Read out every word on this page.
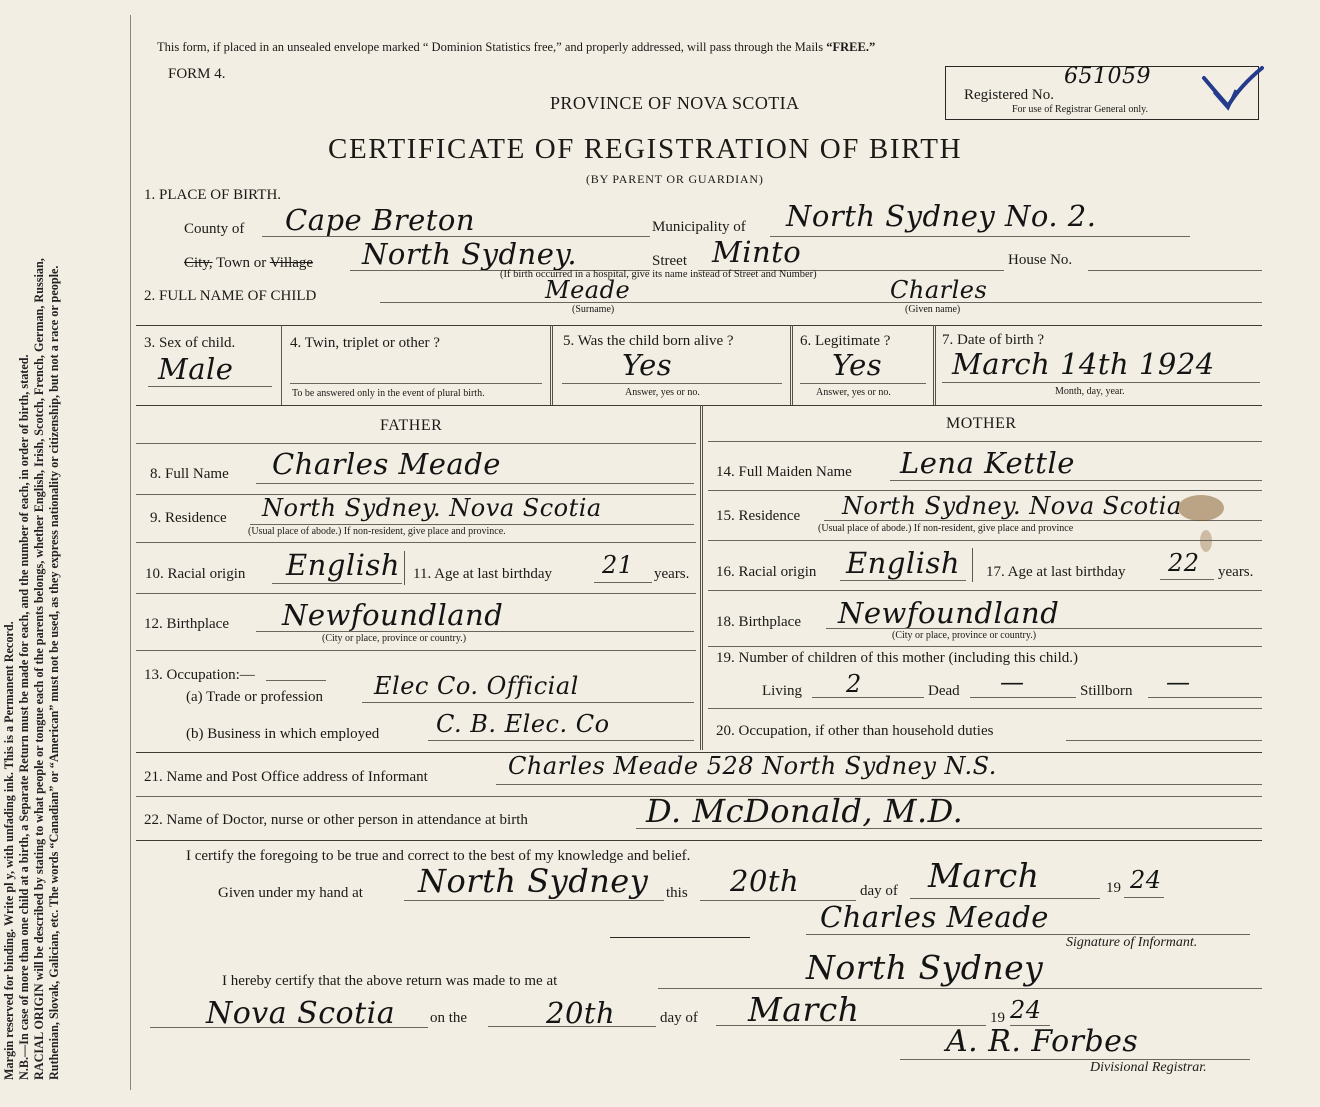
Margin reserved for binding. Write pl y, with unfading ink. This is a Permanent Record. N.B.—In case of more than one child at a birth, a Separate Return must be made for each, and the number of each, in order of birth, stated. RACIAL ORIGIN will be described by stating to what people or tongue each of the parents belongs, whether English, Irish, Scotch, French, German, Russian, Ruthenian, Slovak, Galician, etc. The words “Canadian” or “American” must not be used, as they express nationality or citizenship, but not a race or people.
This form, if placed in an unsealed envelope marked “ Dominion Statistics free,” and properly addressed, will pass through the Mails “FREE.”
FORM 4.
PROVINCE OF NOVA SCOTIA
CERTIFICATE OF REGISTRATION OF BIRTH
(BY PARENT OR GUARDIAN)
Registered No.
651059
For use of Registrar General only.
1. PLACE OF BIRTH.
County of Cape Breton	Municipality of North Sydney No. 2.
City, Town or Village North Sydney.	Street Minto	House No.
(If birth occurred in a hospital, give its name instead of Street and Number)
2. FULL NAME OF CHILD	Meade	Charles
(Surname)	(Given name)
3. Sex of child.
Male
4. Twin, triplet or other ?
To be answered only in the event of plural birth.
5. Was the child born alive ?
Yes
Answer, yes or no.
6. Legitimate ?
Yes
Answer, yes or no.
7. Date of birth ?
March 14th 1924
Month, day, year.
FATHER	MOTHER
8. Full Name Charles Meade
9. Residence North Sydney. Nova Scotia
(Usual place of abode.) If non-resident, give place and province.
10. Racial origin English 11. Age at last birthday 21 years.
12. Birthplace Newfoundland
(City or place, province or country.)
13. Occupation:—
(a) Trade or profession Elec Co. Official
(b) Business in which employed C. B. Elec. Co
14. Full Maiden Name Lena Kettle
15. Residence North Sydney. Nova Scotia
(Usual place of abode.) If non-resident, give place and province
16. Racial origin English 17. Age at last birthday 22 years.
18. Birthplace Newfoundland
(City or place, province or country.)
19. Number of children of this mother (including this child.)
Living 2	Dead —	Stillborn —
20. Occupation, if other than household duties
21. Name and Post Office address of Informant	Charles Meade 528 North Sydney N.S.
22. Name of Doctor, nurse or other person in attendance at birth	D. McDonald, M.D.
I certify the foregoing to be true and correct to the best of my knowledge and belief.
Given under my hand at North Sydney this 20th	day of March	19 24
Charles Meade
Signature of Informant.
I hereby certify that the above return was made to me at	North Sydney
Nova Scotia on the	20th	day of March	19 24
A. R. Forbes
Divisional Registrar.
